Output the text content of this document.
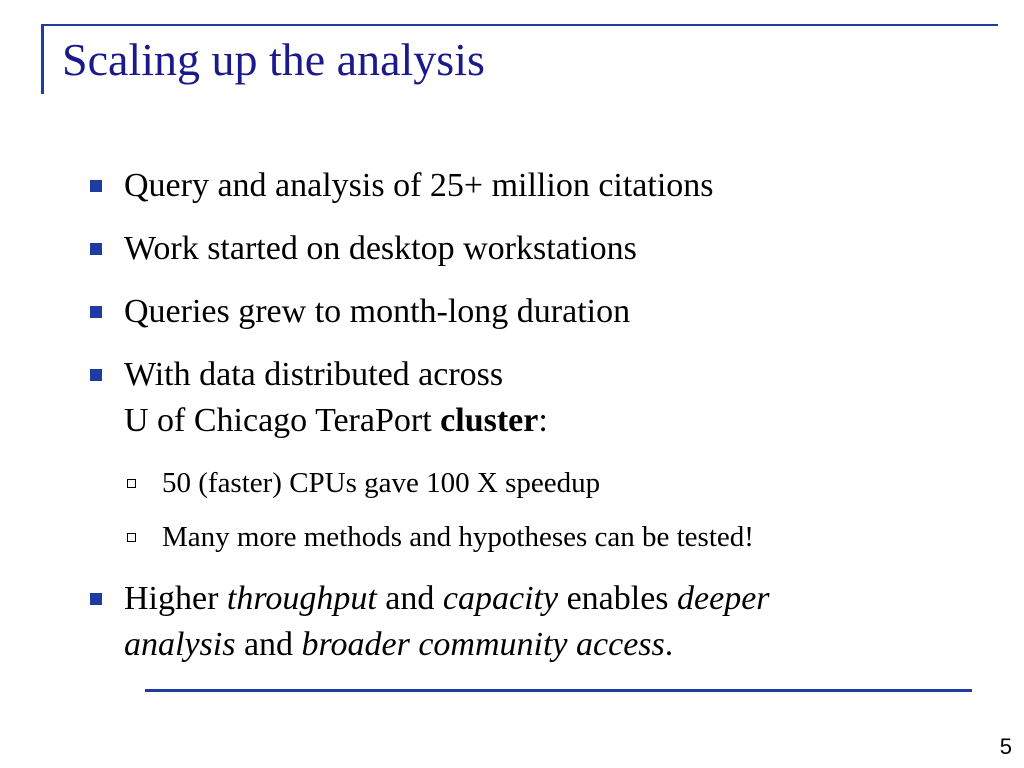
Scaling up the analysis
Query and analysis of 25+ million citations
Work started on desktop workstations
Queries grew to month-long duration
With data distributed across
U of Chicago TeraPort cluster:
50 (faster) CPUs gave 100 X speedup
Many more methods and hypotheses can be tested!
Higher throughput and capacity enables deeper
analysis and broader community access.
5
